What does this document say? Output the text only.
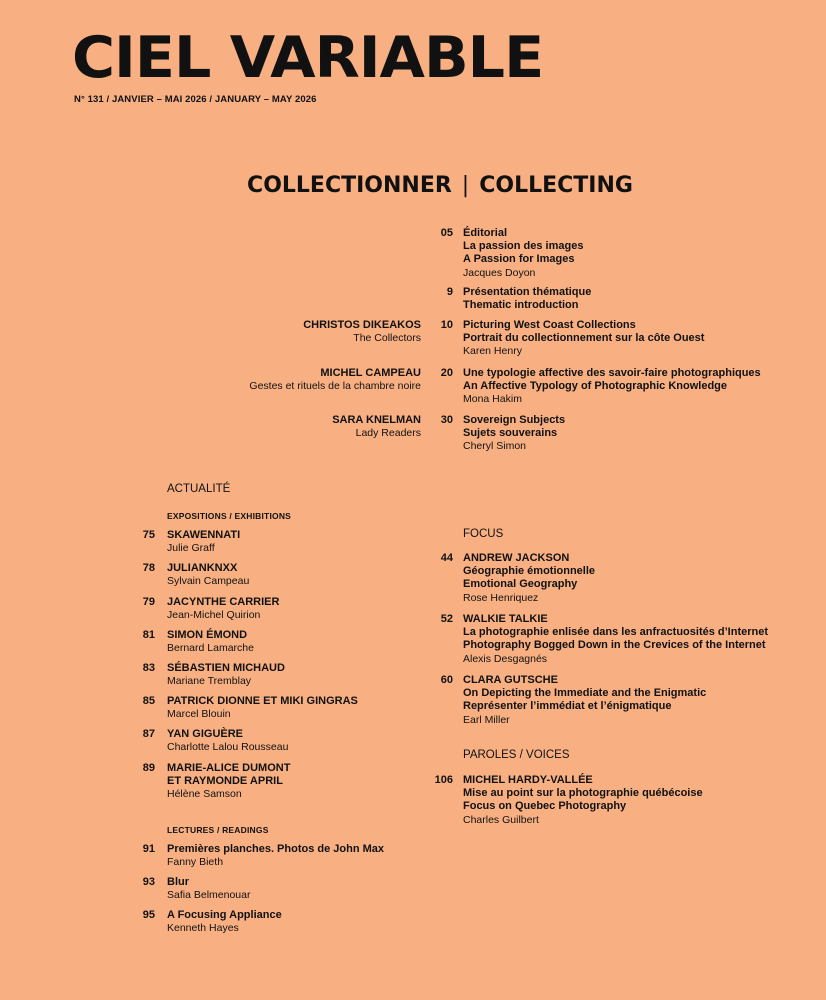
CIEL VARIABLE
N° 131 / JANVIER – MAI 2026 / JANUARY – MAY 2026
COLLECTIONNER | COLLECTING
05 Éditorial
La passion des images
A Passion for Images
Jacques Doyon
9 Présentation thématique
Thematic introduction
10 Picturing West Coast Collections
Portrait du collectionnement sur la côte Ouest
Karen Henry
20 Une typologie affective des savoir-faire photographiques
An Affective Typology of Photographic Knowledge
Mona Hakim
30 Sovereign Subjects
Sujets souverains
Cheryl Simon
CHRISTOS DIKEAKOS
The Collectors
MICHEL CAMPEAU
Gestes et rituels de la chambre noire
SARA KNELMAN
Lady Readers
ACTUALITÉ
EXPOSITIONS / EXHIBITIONS
75 SKAWENNATI
Julie Graff
78 JULIANKNXX
Sylvain Campeau
79 JACYNTHE CARRIER
Jean-Michel Quirion
81 SIMON ÉMOND
Bernard Lamarche
83 SÉBASTIEN MICHAUD
Mariane Tremblay
85 PATRICK DIONNE ET MIKI GINGRAS
Marcel Blouin
87 YAN GIGUÈRE
Charlotte Lalou Rousseau
89 MARIE-ALICE DUMONT
ET RAYMONDE APRIL
Hélène Samson
LECTURES / READINGS
91 Premières planches. Photos de John Max
Fanny Bieth
93 Blur
Safia Belmenouar
95 A Focusing Appliance
Kenneth Hayes
FOCUS
44 ANDREW JACKSON
Géographie émotionnelle
Emotional Geography
Rose Henriquez
52 WALKIE TALKIE
La photographie enlisée dans les anfractuosités d’Internet
Photography Bogged Down in the Crevices of the Internet
Alexis Desgagnés
60 CLARA GUTSCHE
On Depicting the Immediate and the Enigmatic
Représenter l’immédiat et l’énigmatique
Earl Miller
PAROLES / VOICES
106 MICHEL HARDY-VALLÉE
Mise au point sur la photographie québécoise
Focus on Quebec Photography
Charles Guilbert
